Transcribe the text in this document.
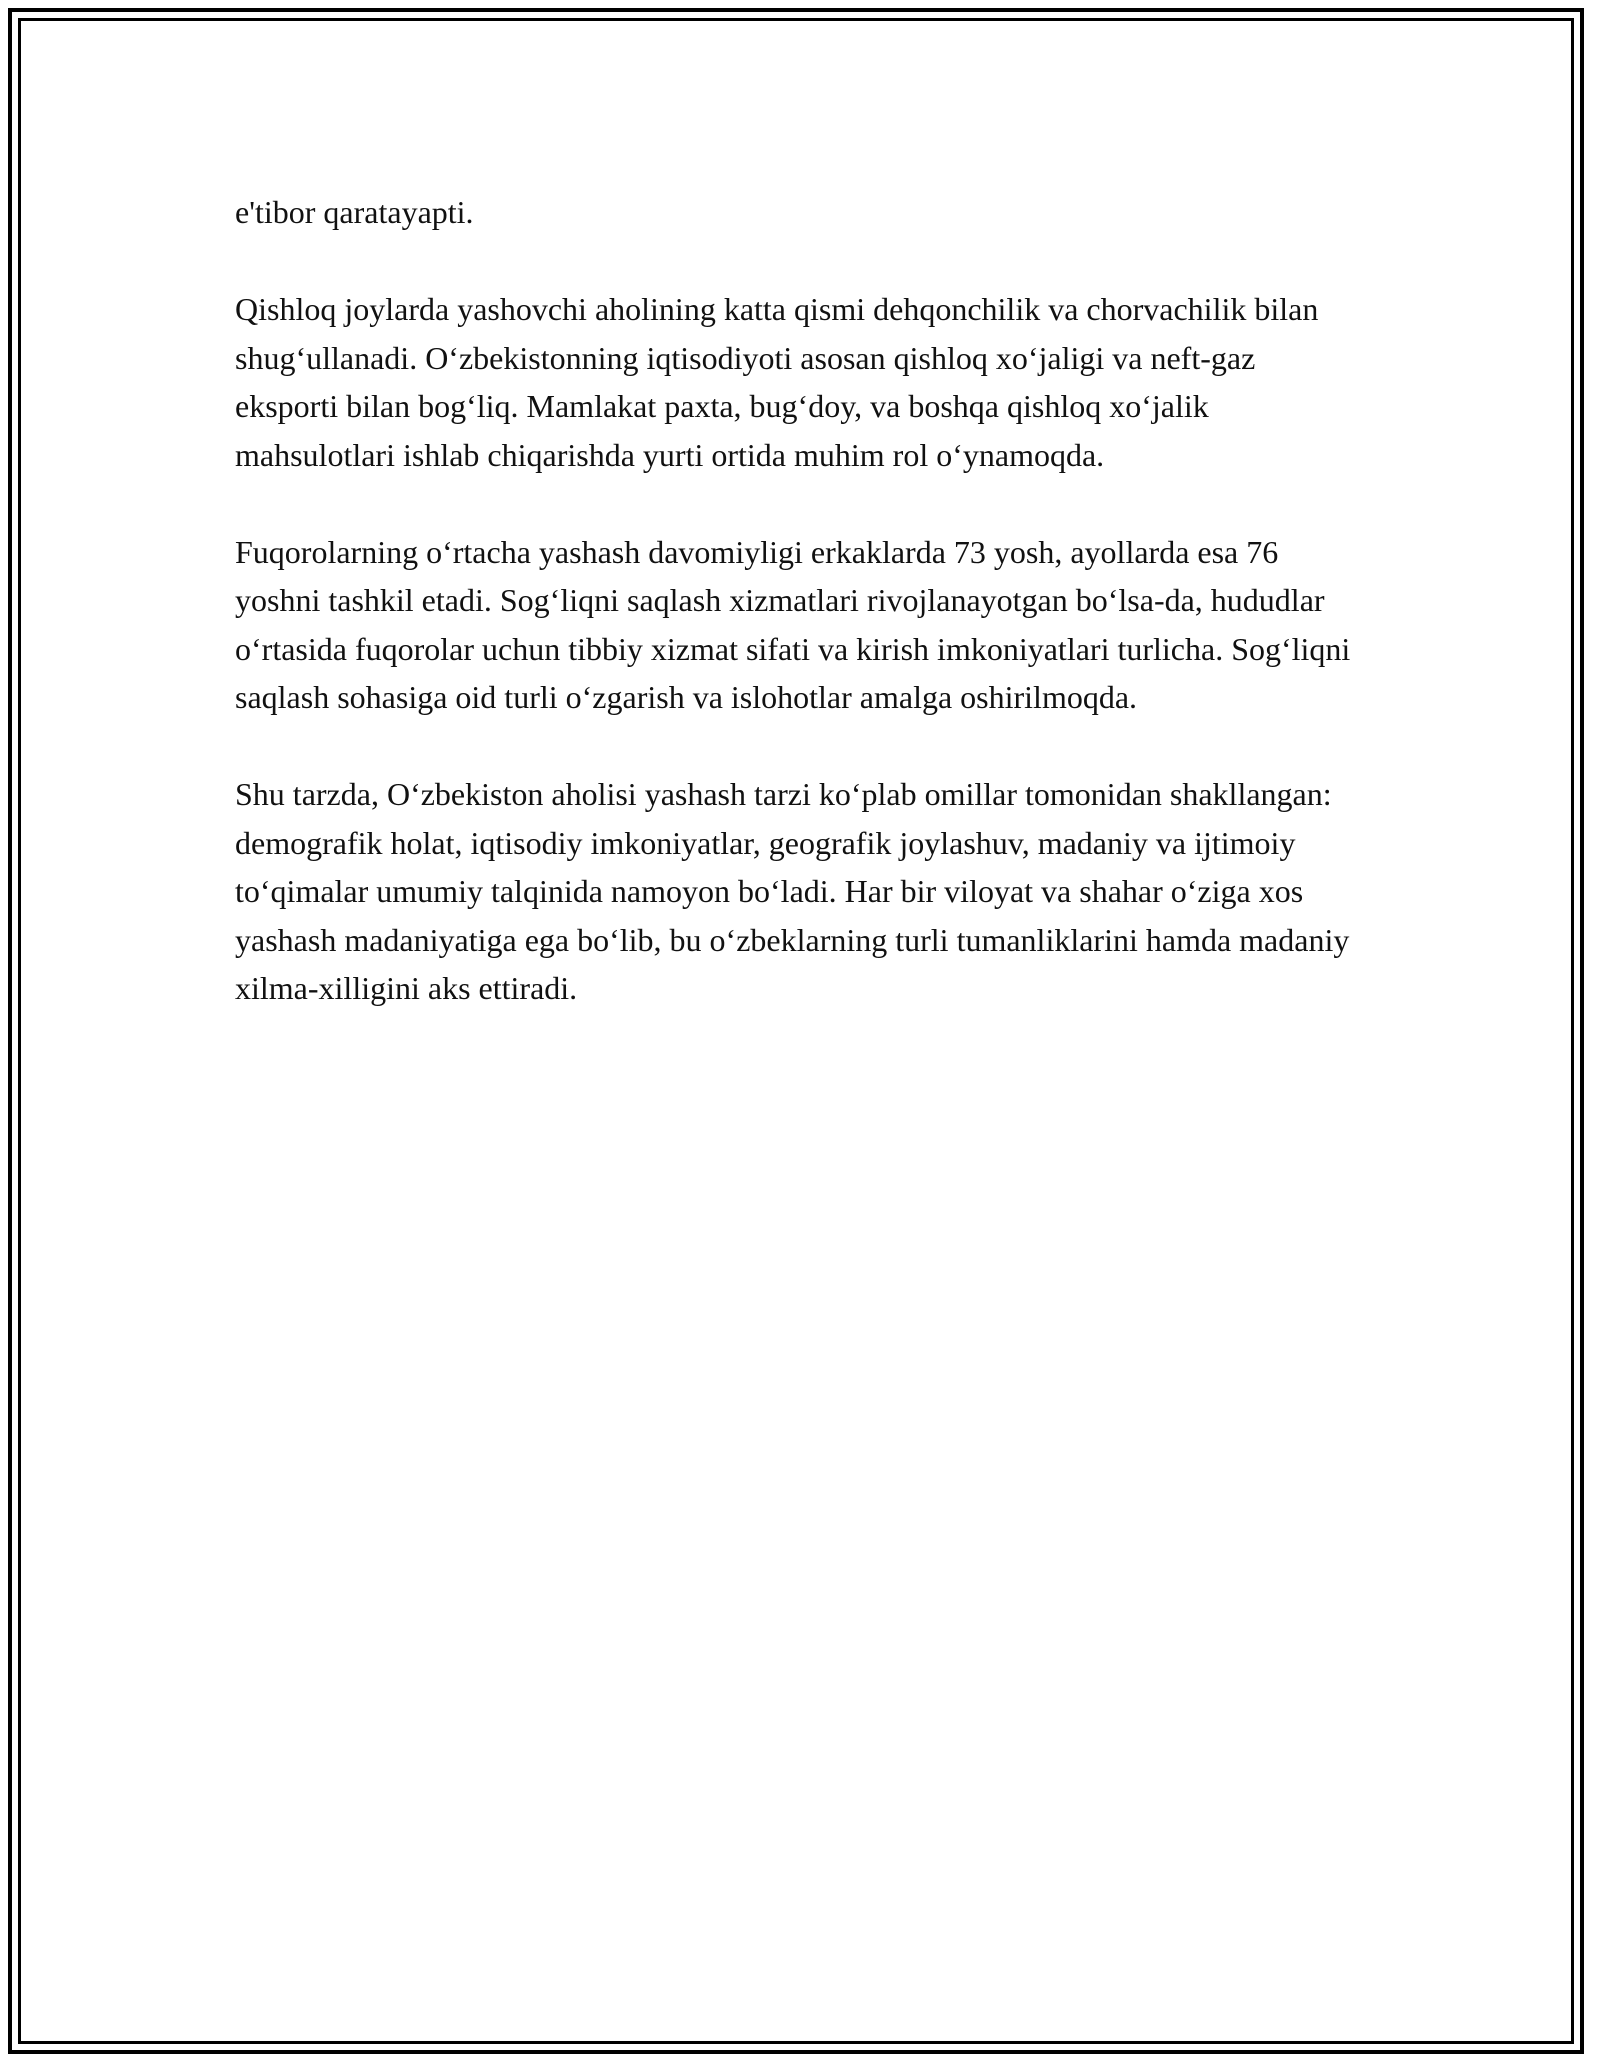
e'tibor qaratayapti.

Qishloq joylarda yashovchi aholining katta qismi dehqonchilik va chorvachilik bilan shug‘ullanadi. O‘zbekistonning iqtisodiyoti asosan qishloq xo‘jaligi va neft-gaz eksporti bilan bog‘liq. Mamlakat paxta, bug‘doy, va boshqa qishloq xo‘jalik mahsulotlari ishlab chiqarishda yurti ortida muhim rol o‘ynamoqda.

Fuqorolarning o‘rtacha yashash davomiyligi erkaklarda 73 yosh, ayollarda esa 76 yoshni tashkil etadi. Sog‘liqni saqlash xizmatlari rivojlanayotgan bo‘lsa-da, hududlar o‘rtasida fuqorolar uchun tibbiy xizmat sifati va kirish imkoniyatlari turlicha. Sog‘liqni saqlash sohasiga oid turli o‘zgarish va islohotlar amalga oshirilmoqda.

Shu tarzda, O‘zbekiston aholisi yashash tarzi ko‘plab omillar tomonidan shakllangan: demografik holat, iqtisodiy imkoniyatlar, geografik joylashuv, madaniy va ijtimoiy to‘qimalar umumiy talqinida namoyon bo‘ladi. Har bir viloyat va shahar o‘ziga xos yashash madaniyatiga ega bo‘lib, bu o‘zbeklarning turli tumanliklarini hamda madaniy xilma-xilligini aks ettiradi.
